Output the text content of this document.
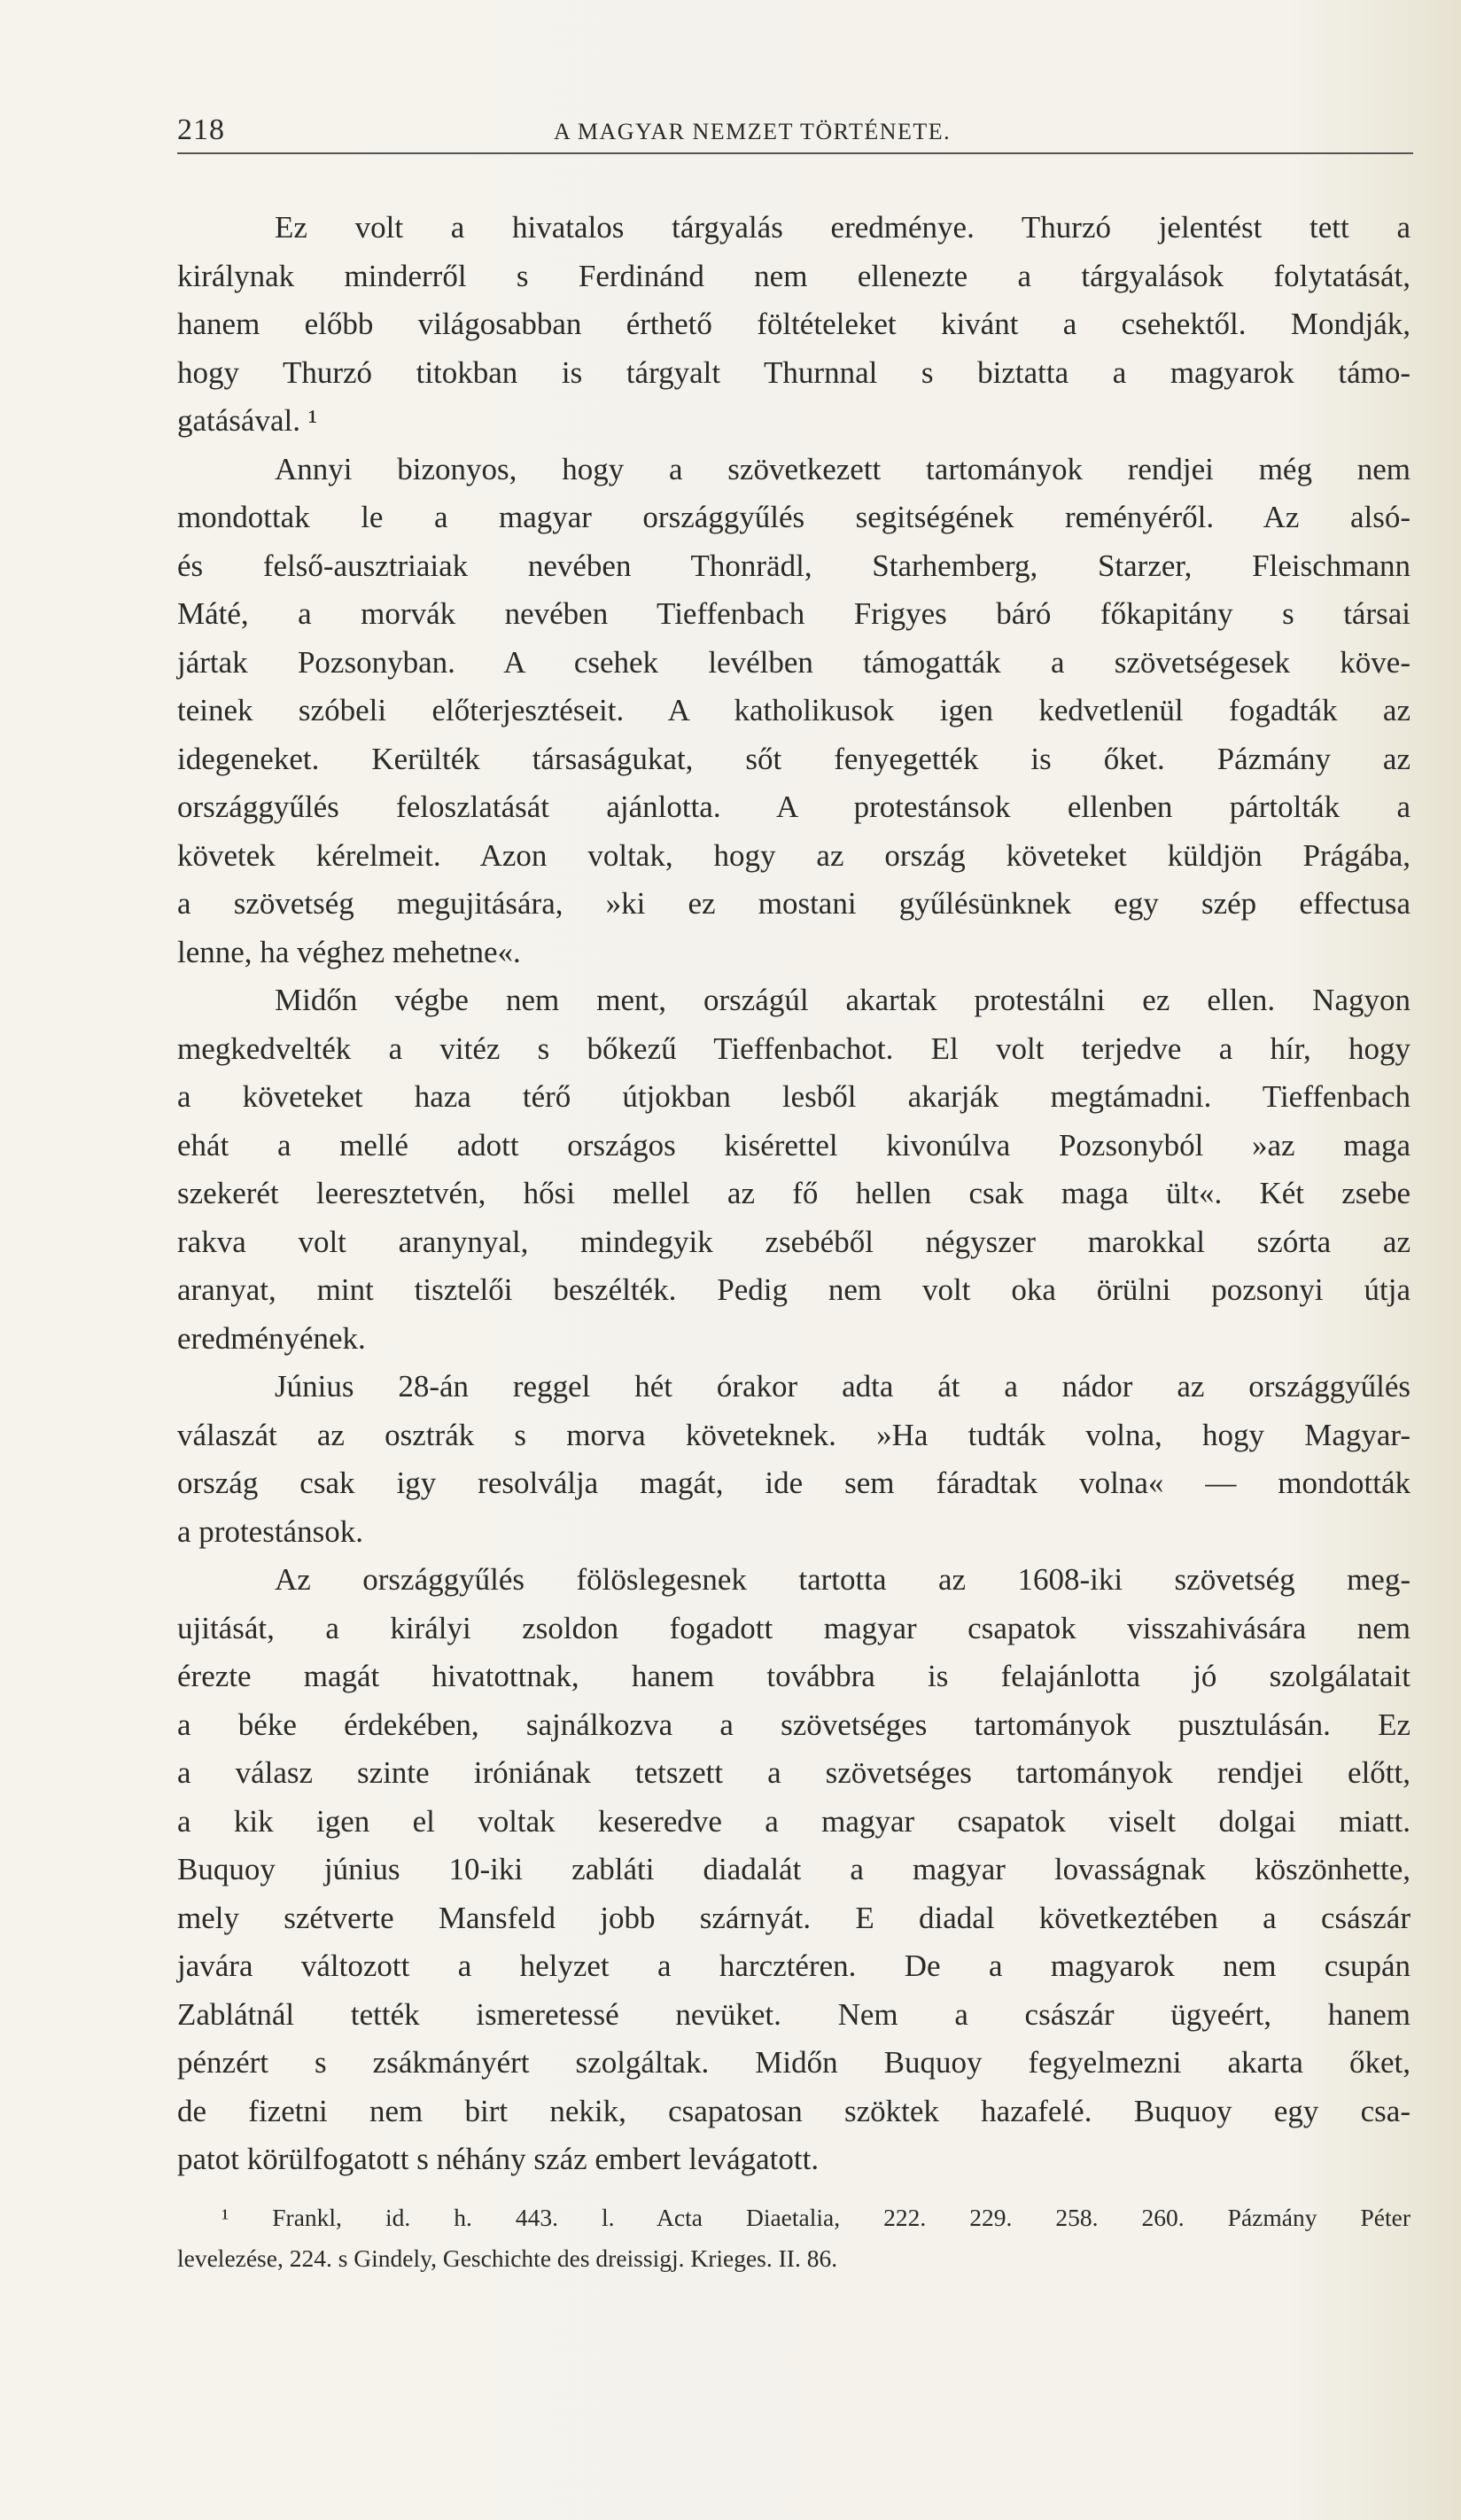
218	A MAGYAR NEMZET TÖRTÉNETE.
Ez volt a hivatalos tárgyalás eredménye. Thurzó jelentést tett a
királynak minderről s Ferdinánd nem ellenezte a tárgyalások folytatását,
hanem előbb világosabban érthető föltételeket kivánt a csehektől. Mondják,
hogy Thurzó titokban is tárgyalt Thurnnal s biztatta a magyarok támo-
gatásával. ¹
Annyi bizonyos, hogy a szövetkezett tartományok rendjei még nem
mondottak le a magyar országgyűlés segitségének reményéről. Az alsó-
és felső-ausztriaiak nevében Thonrädl, Starhemberg, Starzer, Fleischmann
Máté, a morvák nevében Tieffenbach Frigyes báró főkapitány s társai
jártak Pozsonyban. A csehek levélben támogatták a szövetségesek köve-
teinek szóbeli előterjesztéseit. A katholikusok igen kedvetlenül fogadták az
idegeneket. Kerülték társaságukat, sőt fenyegették is őket. Pázmány az
országgyűlés feloszlatását ajánlotta. A protestánsok ellenben pártolták a
követek kérelmeit. Azon voltak, hogy az ország követeket küldjön Prágába,
a szövetség megujitására, »ki ez mostani gyűlésünknek egy szép effectusa
lenne, ha véghez mehetne«.
Midőn végbe nem ment, országúl akartak protestálni ez ellen. Nagyon
megkedvelték a vitéz s bőkezű Tieffenbachot. El volt terjedve a hír, hogy
a követeket haza térő útjokban lesből akarják megtámadni. Tieffenbach
ehát a mellé adott országos kisérettel kivonúlva Pozsonyból »az maga
szekerét leeresztetvén, hősi mellel az fő hellen csak maga ült«. Két zsebe
rakva volt aranynyal, mindegyik zsebéből négyszer marokkal szórta az
aranyat, mint tisztelői beszélték. Pedig nem volt oka örülni pozsonyi útja
eredményének.
Június 28-án reggel hét órakor adta át a nádor az országgyűlés
válaszát az osztrák s morva követeknek. »Ha tudták volna, hogy Magyar-
ország csak igy resolválja magát, ide sem fáradtak volna« — mondották
a protestánsok.
Az országgyűlés fölöslegesnek tartotta az 1608-iki szövetség meg-
ujitását, a királyi zsoldon fogadott magyar csapatok visszahivására nem
érezte magát hivatottnak, hanem továbbra is felajánlotta jó szolgálatait
a béke érdekében, sajnálkozva a szövetséges tartományok pusztulásán. Ez
a válasz szinte iróniának tetszett a szövetséges tartományok rendjei előtt,
a kik igen el voltak keseredve a magyar csapatok viselt dolgai miatt.
Buquoy június 10-iki zabláti diadalát a magyar lovasságnak köszönhette,
mely szétverte Mansfeld jobb szárnyát. E diadal következtében a császár
javára változott a helyzet a harcztéren. De a magyarok nem csupán
Zablátnál tették ismeretessé nevüket. Nem a császár ügyeért, hanem
pénzért s zsákmányért szolgáltak. Midőn Buquoy fegyelmezni akarta őket,
de fizetni nem birt nekik, csapatosan szöktek hazafelé. Buquoy egy csa-
patot körülfogatott s néhány száz embert levágatott.
¹ Frankl, id. h. 443. l. Acta Diaetalia, 222. 229. 258. 260. Pázmány Péter
levelezése, 224. s Gindely, Geschichte des dreissigj. Krieges. II. 86.
